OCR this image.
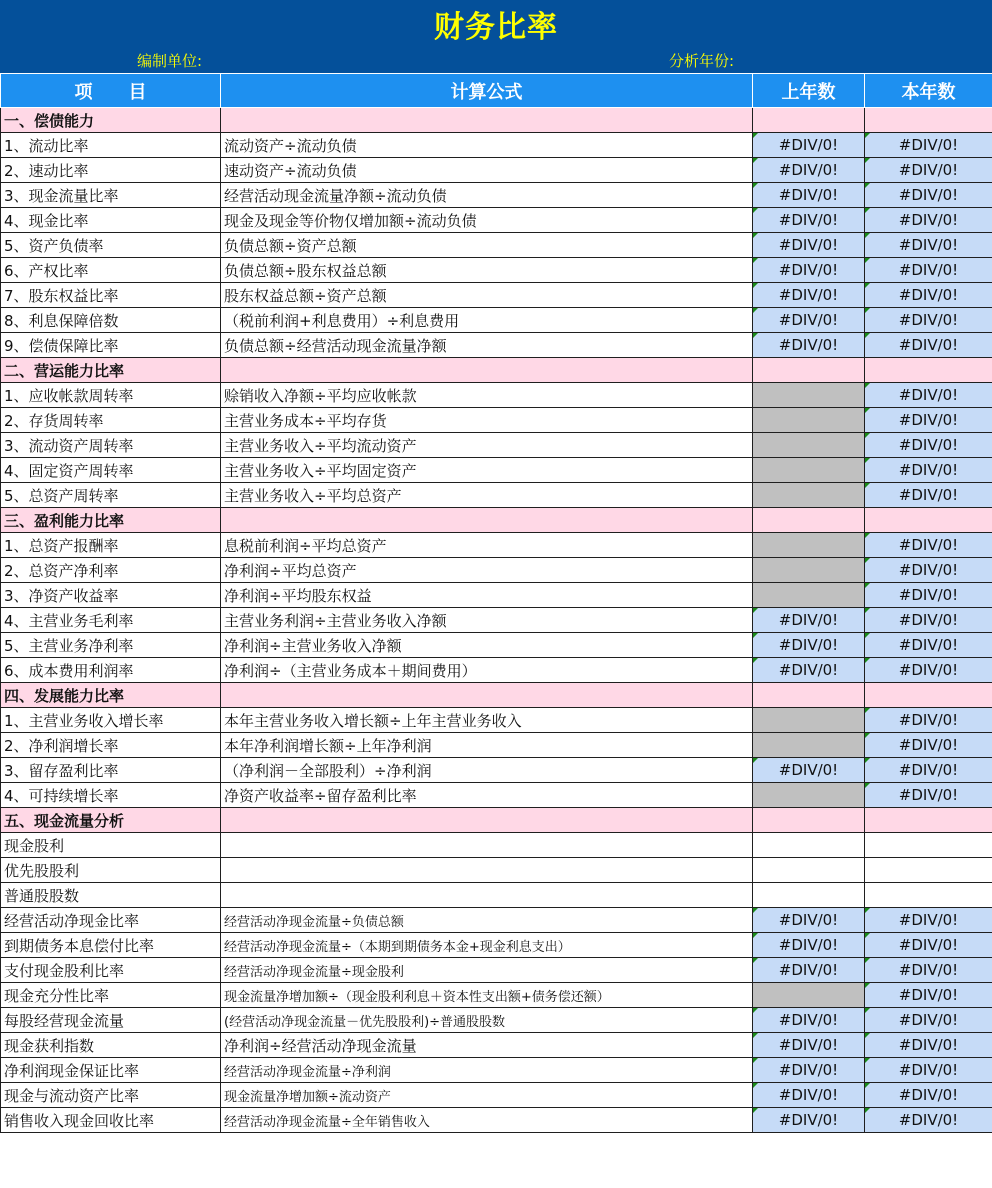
财务比率
编制单位:	分析年份:
项　　目	计算公式	上年数	本年数
一、偿债能力			
1、流动比率	流动资产÷流动负债	#DIV/0!	#DIV/0!
2、速动比率	速动资产÷流动负债	#DIV/0!	#DIV/0!
3、现金流量比率	经营活动现金流量净额÷流动负债	#DIV/0!	#DIV/0!
4、现金比率	现金及现金等价物仅增加额÷流动负债	#DIV/0!	#DIV/0!
5、资产负债率	负债总额÷资产总额	#DIV/0!	#DIV/0!
6、产权比率	负债总额÷股东权益总额	#DIV/0!	#DIV/0!
7、股东权益比率	股东权益总额÷资产总额	#DIV/0!	#DIV/0!
8、利息保障倍数	（税前利润+利息费用）÷利息费用	#DIV/0!	#DIV/0!
9、偿债保障比率	负债总额÷经营活动现金流量净额	#DIV/0!	#DIV/0!
二、营运能力比率			
1、应收帐款周转率	赊销收入净额÷平均应收帐款		#DIV/0!
2、存货周转率	主营业务成本÷平均存货		#DIV/0!
3、流动资产周转率	主营业务收入÷平均流动资产		#DIV/0!
4、固定资产周转率	主营业务收入÷平均固定资产		#DIV/0!
5、总资产周转率	主营业务收入÷平均总资产		#DIV/0!
三、盈利能力比率			
1、总资产报酬率	息税前利润÷平均总资产		#DIV/0!
2、总资产净利率	净利润÷平均总资产		#DIV/0!
3、净资产收益率	净利润÷平均股东权益		#DIV/0!
4、主营业务毛利率	主营业务利润÷主营业务收入净额	#DIV/0!	#DIV/0!
5、主营业务净利率	净利润÷主营业务收入净额	#DIV/0!	#DIV/0!
6、成本费用利润率	净利润÷（主营业务成本＋期间费用）	#DIV/0!	#DIV/0!
四、发展能力比率			
1、主营业务收入增长率	本年主营业务收入增长额÷上年主营业务收入		#DIV/0!
2、净利润增长率	本年净利润增长额÷上年净利润		#DIV/0!
3、留存盈利比率	（净利润－全部股利）÷净利润	#DIV/0!	#DIV/0!
4、可持续增长率	净资产收益率÷留存盈利比率		#DIV/0!
五、现金流量分析			
现金股利			
优先股股利			
普通股股数			
经营活动净现金比率	经营活动净现金流量÷负债总额	#DIV/0!	#DIV/0!
到期债务本息偿付比率	经营活动净现金流量÷（本期到期债务本金+现金利息支出）	#DIV/0!	#DIV/0!
支付现金股利比率	经营活动净现金流量÷现金股利	#DIV/0!	#DIV/0!
现金充分性比率	现金流量净增加额÷（现金股利利息＋资本性支出额+债务偿还额）		#DIV/0!
每股经营现金流量	(经营活动净现金流量－优先股股利)÷普通股股数	#DIV/0!	#DIV/0!
现金获利指数	净利润÷经营活动净现金流量	#DIV/0!	#DIV/0!
净利润现金保证比率	经营活动净现金流量÷净利润	#DIV/0!	#DIV/0!
现金与流动资产比率	现金流量净增加额÷流动资产	#DIV/0!	#DIV/0!
销售收入现金回收比率	经营活动净现金流量÷全年销售收入	#DIV/0!	#DIV/0!
